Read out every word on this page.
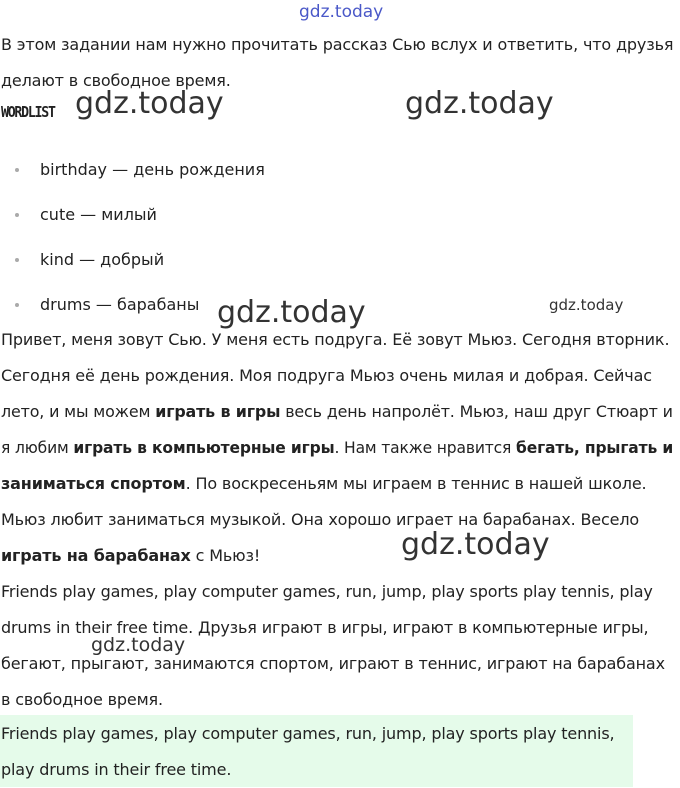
В этом задании нам нужно прочитать рассказ Сью вслух и ответить, что друзья
делают в свободное время.
WORDLIST
birthday — день рождения
cute — милый
kind — добрый
drums — барабаны
Привет, меня зовут Сью. У меня есть подруга. Её зовут Мьюз. Сегодня вторник.
Сегодня её день рождения. Моя подруга Мьюз очень милая и добрая. Сейчас
лето, и мы можем играть в игры весь день напролёт. Мьюз, наш друг Стюарт и
я любим играть в компьютерные игры. Нам также нравится бегать, прыгать и
заниматься спортом. По воскресеньям мы играем в теннис в нашей школе.
Мьюз любит заниматься музыкой. Она хорошо играет на барабанах. Весело
играть на барабанах с Мьюз!
Friends play games, play computer games, run, jump, play sports play tennis, play
drums in their free time. Друзья играют в игры, играют в компьютерные игры,
бегают, прыгают, занимаются спортом, играют в теннис, играют на барабанах
в свободное время.
Friends play games, play computer games, run, jump, play sports play tennis,
play drums in their free time.
gdz.today
gdz.today	gdz.today
gdz.today	gdz.today
gdz.today
gdz.today
